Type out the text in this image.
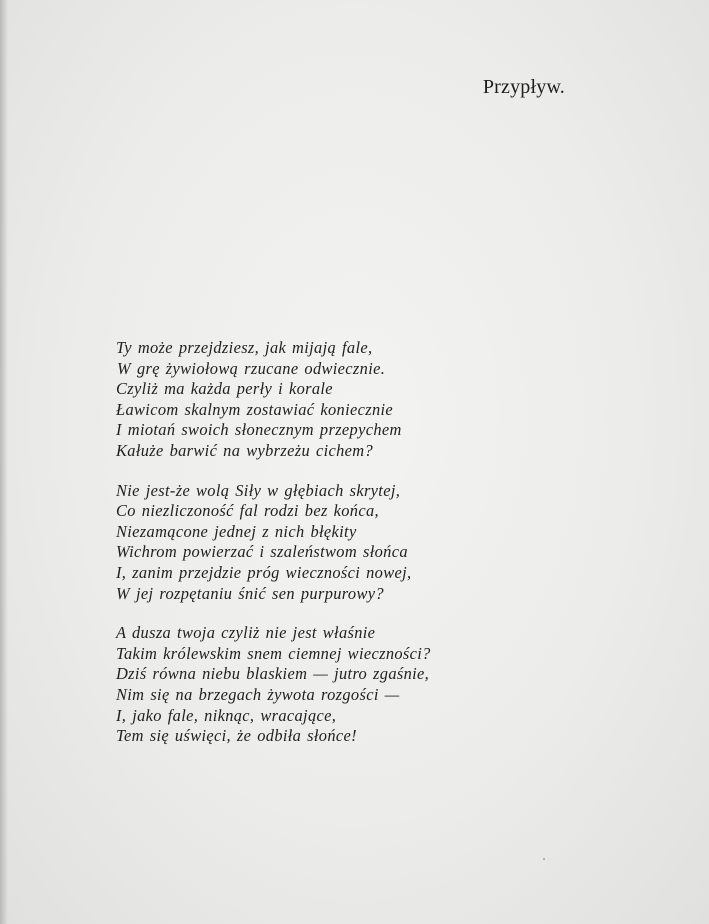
Przypływ.
Ty może przejdziesz, jak mijają fale,
W grę żywiołową rzucane odwiecznie.
Czyliż ma każda perły i korale
Ławicom skalnym zostawiać koniecznie
I miotań swoich słonecznym przepychem
Kałuże barwić na wybrzeżu cichem?
Nie jest-że wolą Siły w głębiach skrytej,
Co niezliczoność fal rodzi bez końca,
Niezamącone jednej z nich błękity
Wichrom powierzać i szaleństwom słońca
I, zanim przejdzie próg wieczności nowej,
W jej rozpętaniu śnić sen purpurowy?
A dusza twoja czyliż nie jest właśnie
Takim królewskim snem ciemnej wieczności?
Dziś równa niebu blaskiem — jutro zgaśnie,
Nim się na brzegach żywota rozgości —
I, jako fale, niknąc, wracające,
Tem się uświęci, że odbiła słońce!
